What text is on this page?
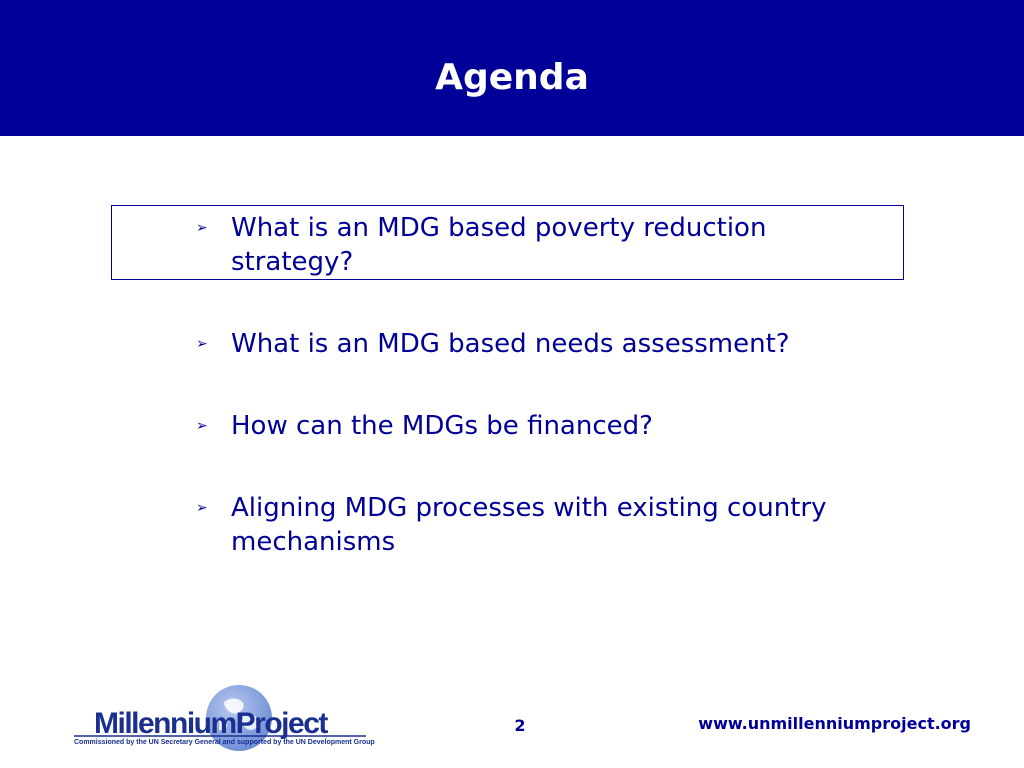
Agenda
➢ What is an MDG based poverty reduction strategy?
➢ What is an MDG based needs assessment?
➢ How can the MDGs be financed?
➢ Aligning MDG processes with existing country mechanisms
MillenniumProject
Commissioned by the UN Secretary General and supported by the UN Development Group
2	www.unmillenniumproject.org
